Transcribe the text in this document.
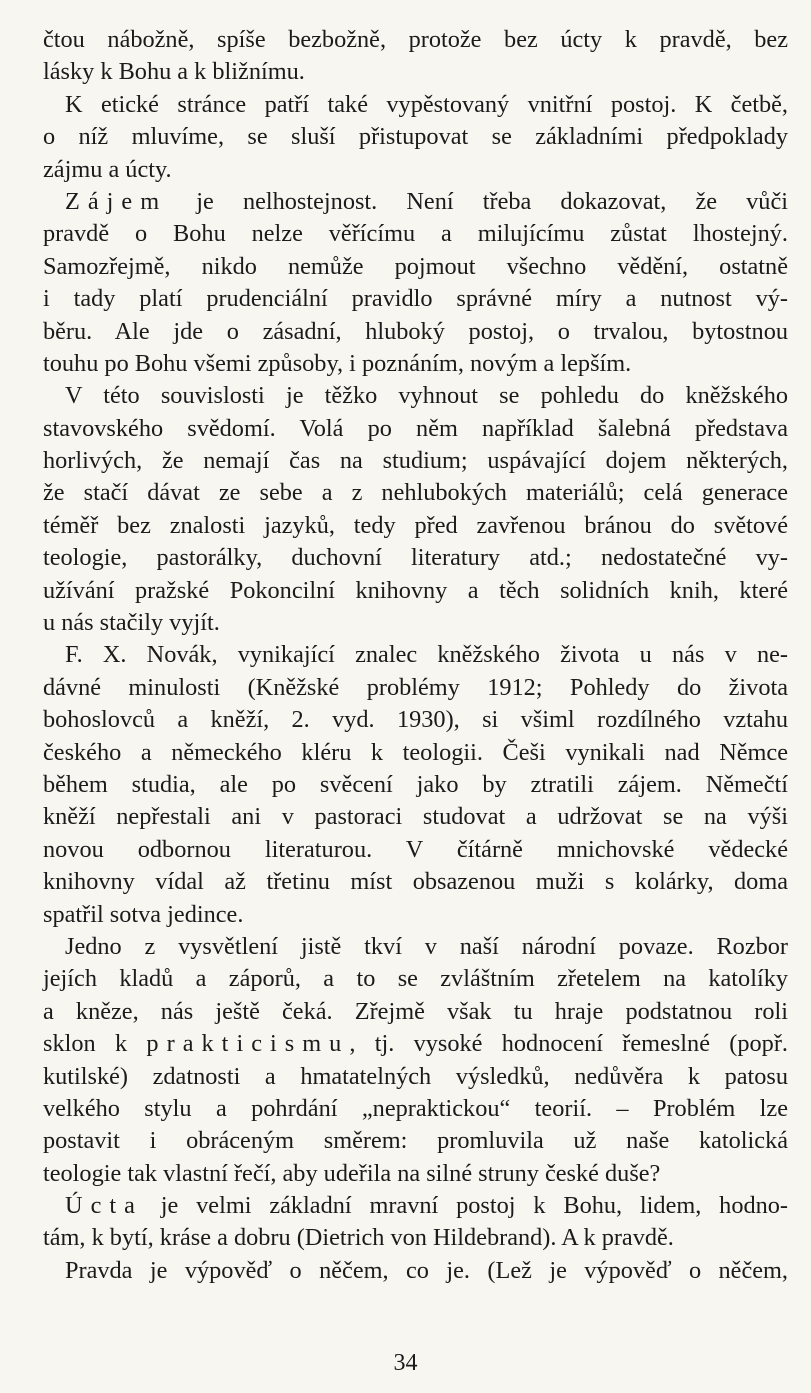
čtou nábožně, spíše bezbožně, protože bez úcty k pravdě, bez
lásky k Bohu a k bližnímu.
K etické stránce patří také vypěstovaný vnitřní postoj. K četbě,
o níž mluvíme, se sluší přistupovat se základními předpoklady
zájmu a úcty.
Zájem je nelhostejnost. Není třeba dokazovat, že vůči
pravdě o Bohu nelze věřícímu a milujícímu zůstat lhostejný.
Samozřejmě, nikdo nemůže pojmout všechno vědění, ostatně
i tady platí prudenciální pravidlo správné míry a nutnost vý-
běru. Ale jde o zásadní, hluboký postoj, o trvalou, bytostnou
touhu po Bohu všemi způsoby, i poznáním, novým a lepším.
V této souvislosti je těžko vyhnout se pohledu do kněžského
stavovského svědomí. Volá po něm například šalebná představa
horlivých, že nemají čas na studium; uspávající dojem některých,
že stačí dávat ze sebe a z nehlubokých materiálů; celá generace
téměř bez znalosti jazyků, tedy před zavřenou bránou do světové
teologie, pastorálky, duchovní literatury atd.; nedostatečné vy-
užívání pražské Pokoncilní knihovny a těch solidních knih, které
u nás stačily vyjít.
F. X. Novák, vynikající znalec kněžského života u nás v ne-
dávné minulosti (Kněžské problémy 1912; Pohledy do života
bohoslovců a kněží, 2. vyd. 1930), si všiml rozdílného vztahu
českého a německého kléru k teologii. Češi vynikali nad Němce
během studia, ale po svěcení jako by ztratili zájem. Němečtí
kněží nepřestali ani v pastoraci studovat a udržovat se na výši
novou odbornou literaturou. V čítárně mnichovské vědecké
knihovny vídal až třetinu míst obsazenou muži s kolárky, doma
spatřil sotva jedince.
Jedno z vysvětlení jistě tkví v naší národní povaze. Rozbor
jejích kladů a záporů, a to se zvláštním zřetelem na katolíky
a kněze, nás ještě čeká. Zřejmě však tu hraje podstatnou roli
sklon k prakticismu, tj. vysoké hodnocení řemeslné (popř.
kutilské) zdatnosti a hmatatelných výsledků, nedůvěra k patosu
velkého stylu a pohrdání „nepraktickou“ teorií. – Problém lze
postavit i obráceným směrem: promluvila už naše katolická
teologie tak vlastní řečí, aby udeřila na silné struny české duše?
Úcta je velmi základní mravní postoj k Bohu, lidem, hodno-
tám, k bytí, kráse a dobru (Dietrich von Hildebrand). A k pravdě.
Pravda je výpověď o něčem, co je. (Lež je výpověď o něčem,
34
